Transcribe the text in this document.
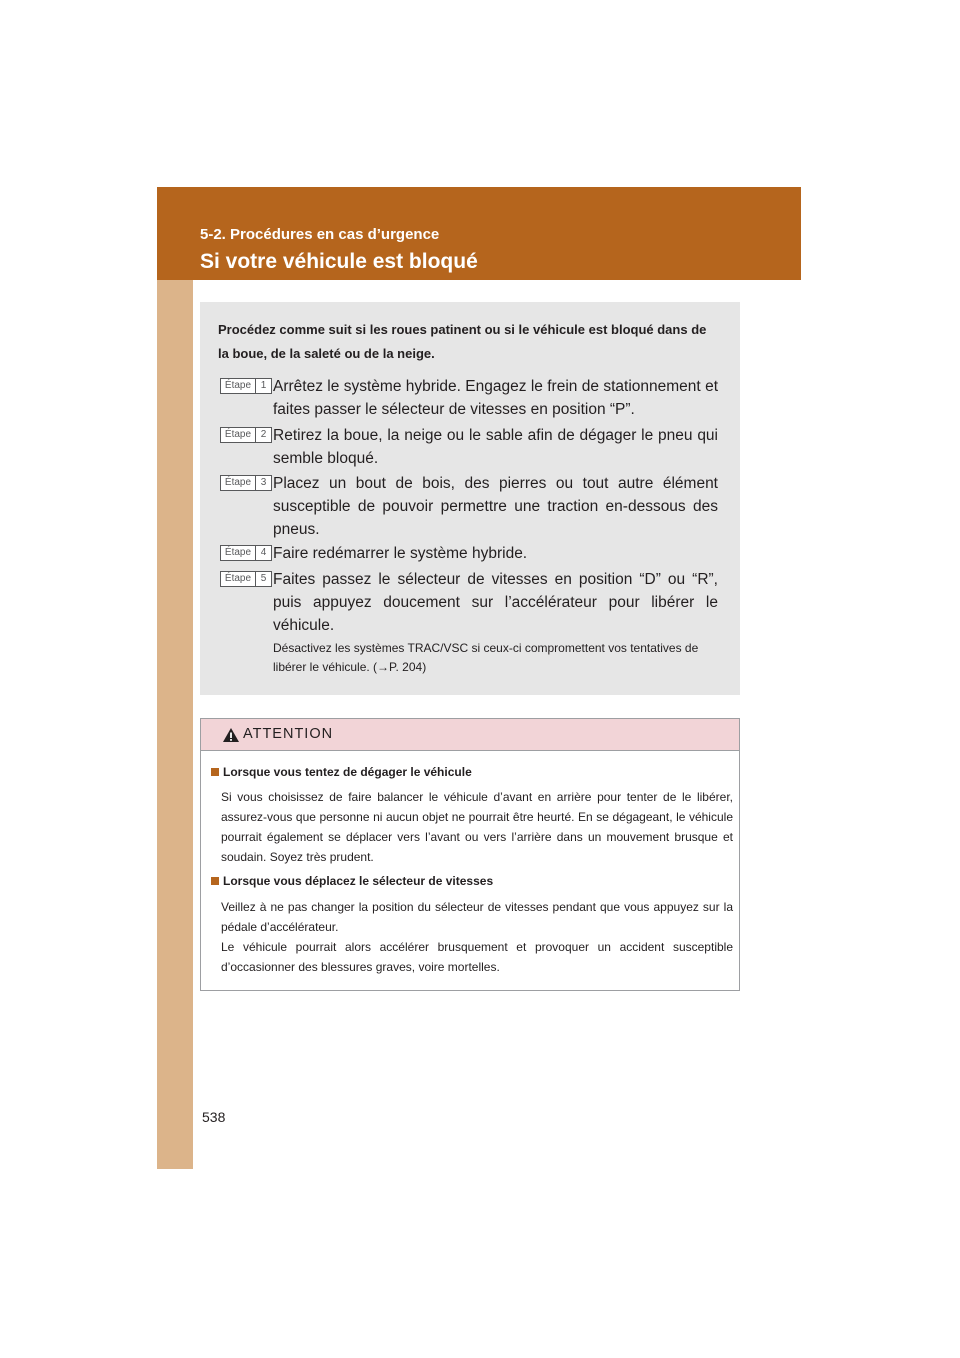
5-2. Procédures en cas d’urgence
Si votre véhicule est bloqué
Procédez comme suit si les roues patinent ou si le véhicule est bloqué dans de la boue, de la saleté ou de la neige.
Étape 1 Arrêtez le système hybride. Engagez le frein de stationnement et faites passer le sélecteur de vitesses en position “P”.
Étape 2 Retirez la boue, la neige ou le sable afin de dégager le pneu qui semble bloqué.
Étape 3 Placez un bout de bois, des pierres ou tout autre élément susceptible de pouvoir permettre une traction en-dessous des pneus.
Étape 4 Faire redémarrer le système hybride.
Étape 5 Faites passez le sélecteur de vitesses en position “D” ou “R”, puis appuyez doucement sur l’accélérateur pour libérer le véhicule.
Désactivez les systèmes TRAC/VSC si ceux-ci compromettent vos tentatives de libérer le véhicule. (→P. 204)
ATTENTION
Lorsque vous tentez de dégager le véhicule

Si vous choisissez de faire balancer le véhicule d’avant en arrière pour tenter de le libérer, assurez-vous que personne ni aucun objet ne pourrait être heurté. En se dégageant, le véhicule pourrait également se déplacer vers l’avant ou vers l’arrière dans un mouvement brusque et soudain. Soyez très prudent.

Lorsque vous déplacez le sélecteur de vitesses

Veillez à ne pas changer la position du sélecteur de vitesses pendant que vous appuyez sur la pédale d’accélérateur.

Le véhicule pourrait alors accélérer brusquement et provoquer un accident susceptible d’occasionner des blessures graves, voire mortelles.

538
